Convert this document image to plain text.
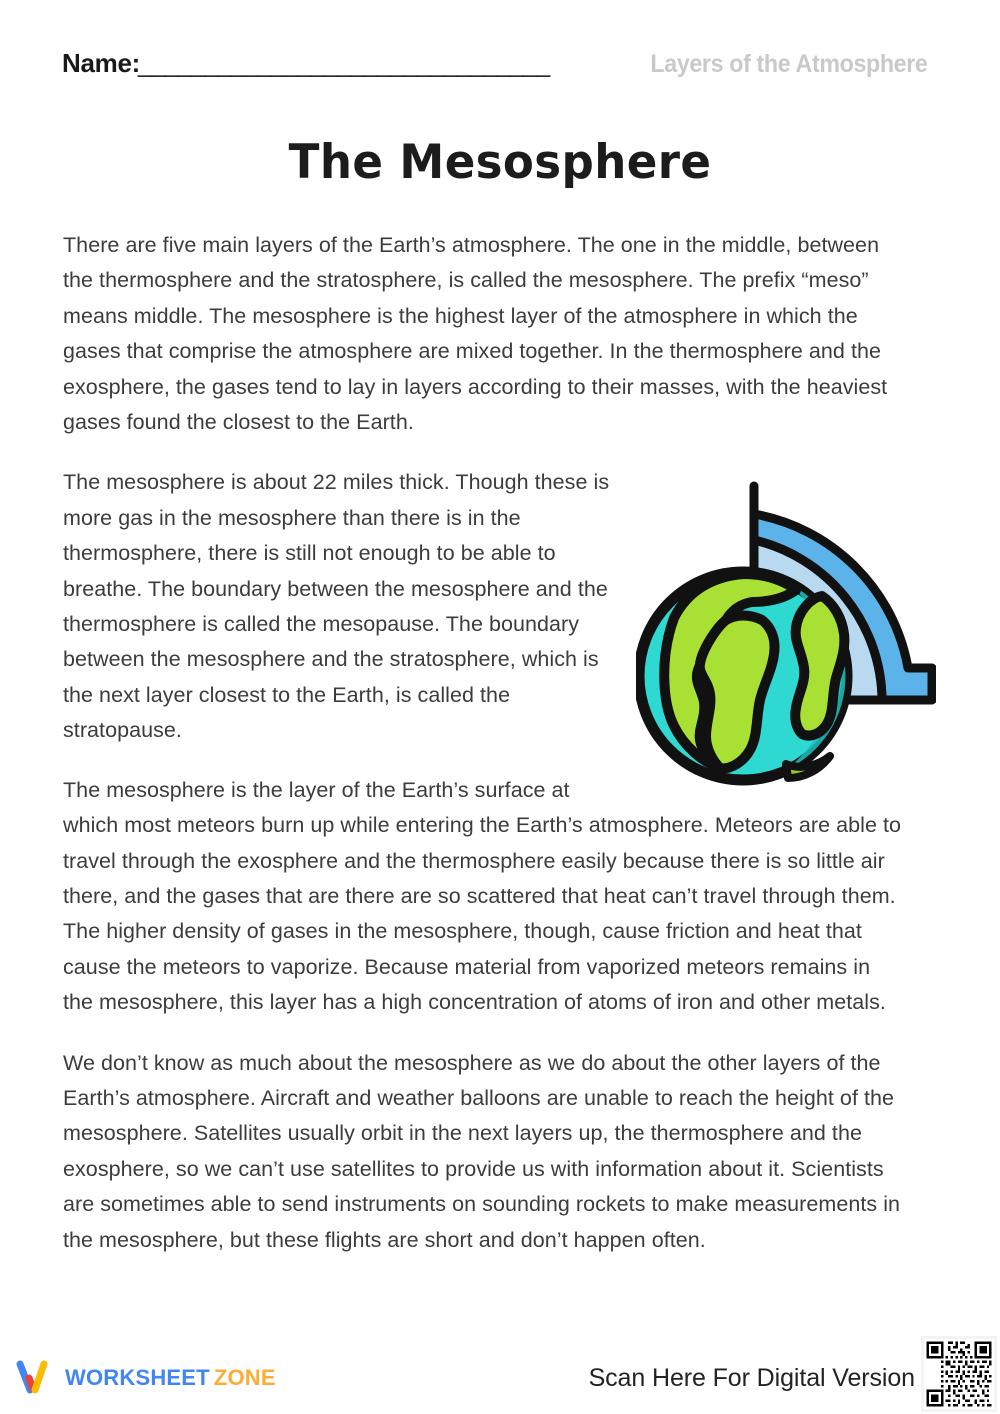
Name:
_______________________________	Layers of the Atmosphere
The Mesosphere

There are five main layers of the Earth’s atmosphere. The one in the middle, between the thermosphere and the stratosphere, is called the mesosphere. The prefix “meso” means middle. The mesosphere is the highest layer of the atmosphere in which the gases that comprise the atmosphere are mixed together. In the thermosphere and the exosphere, the gases tend to lay in layers according to their masses, with the heaviest gases found the closest to the Earth.

The mesosphere is about 22 miles thick. Though these is more gas in the mesosphere than there is in the thermosphere, there is still not enough to be able to breathe. The boundary between the mesosphere and the thermosphere is called the mesopause. The boundary between the mesosphere and the stratosphere, which is the next layer closest to the Earth, is called the stratopause.

The mesosphere is the layer of the Earth’s surface at which most meteors burn up while entering the Earth’s atmosphere. Meteors are able to travel through the exosphere and the thermosphere easily because there is so little air there, and the gases that are there are so scattered that heat can’t travel through them. The higher density of gases in the mesosphere, though, cause friction and heat that cause the meteors to vaporize. Because material from vaporized meteors remains in the mesosphere, this layer has a high concentration of atoms of iron and other metals.

We don’t know as much about the mesosphere as we do about the other layers of the Earth’s atmosphere. Aircraft and weather balloons are unable to reach the height of the mesosphere. Satellites usually orbit in the next layers up, the thermosphere and the exosphere, so we can’t use satellites to provide us with information about it. Scientists are sometimes able to send instruments on sounding rockets to make measurements in the mesosphere, but these flights are short and don’t happen often.

WORKSHEET ZONE	Scan Here For Digital Version
